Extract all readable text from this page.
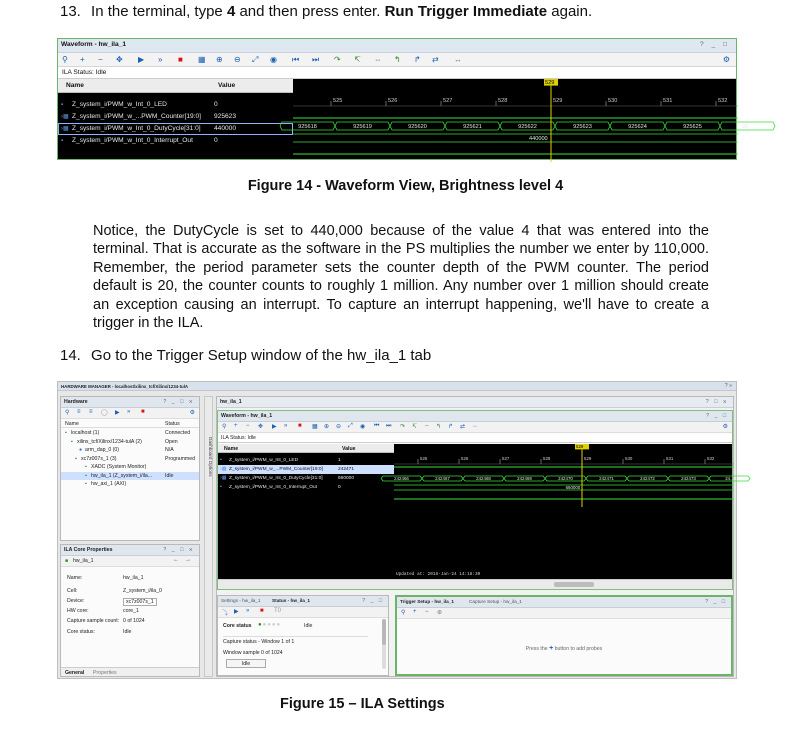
13. In the terminal, type 4 and then press enter. Run Trigger Immediate again.
Waveform - hw_ila_1	? _ □
⚲ + − ✥ ▶ » ■ ▦ ⊕ ⊖ ⤢ ◉ ⏮ ⏭ ↷ ↸ ⇔ ↰ ↱ ⇄ ↔	⚙
ILA Status: Idle
Name	Value
▪ Z_system_i/PWM_w_Int_0_LED	0
›▦ Z_system_i/PWM_w_...PWM_Counter[19:0] 925623
›▦ Z_system_i/PWM_w_Int_0_DutyCycle[31:0] 440000
▪ Z_system_i/PWM_w_Int_0_Interrupt_Out	0
525	526	527	528	529	530	531	532
529
925618	925619	925620	925621	925622	925623	925624	925625	92...
440000
Figure 14 - Waveform View, Brightness level 4
Notice, the DutyCycle is set to 440,000 because of the value 4 that was entered into the terminal. That is accurate as the software in the PS multiplies the number we enter by 110,000. Remember, the period parameter sets the counter depth of the PWM counter. The period default is 20, the counter counts to roughly 1 million. Any number over 1 million should create an exception causing an interrupt. To capture an interrupt happening, we'll have to create a trigger in the ILA.
14. Go to the Trigger Setup window of the hw_ila_1 tab
HARDWARE MANAGER - localhost/xilinx_tcf/Xilinx/1234-tulA	? »
Hardware	? _ □ ⨯
⚲ ≡ ≡ ◯ ▶ » ■	⚙
Name	Status
▪ localhost (1)	Connected
▪ xilinx_tcf/Xilinx/1234-tulA (2)	Open
● arm_dap_0 (0)	N/A
▪ xc7z007s_1 (3)	Programmed
▪ XADC (System Monitor)
▪ hw_ila_1 (Z_system_i/ila... Idle
▪ hw_axi_1 (AXI)
ILA Core Properties	? _ □ ⨯
■ hw_ila_1	← →
Name:	hw_ila_1
Cell:	Z_system_i/ila_0
Device:	xc7z007s_1
HW core:	core_1
Capture sample count: 0 of 1024
Core status:	Idle
General Properties
Dashboard Options
hw_ila_1	? □ ⨯
Waveform - hw_ila_1	? _ □
⚲ + − ✥ ▶ » ■ ▦ ⊕ ⊖ ⤢ ◉ ⏮ ⏭ ↷ ↸ ⇔ ↰ ↱ ⇄ ↔	⚙
ILA Status: Idle
Name	Value
▪ Z_system_i/PWM_w_Int_0_LED	1
›▦ Z_system_i/PWM_w_...PWM_Counter[19:0]	242471
›▦ Z_system_i/PWM_w_Int_0_DutyCycle[31:0]	660000
▪ Z_system_i/PWM_w_Int_0_Interrupt_Out	0
525	526	527	528	529	530	531	532
529
242466	242467	242468	242469	242470	242471	242472	242473	24...
660000
Updated at: 2016-Jan-24 14:18:30
Settings - hw_ila_1 Status - hw_ila_1	? _ □
⤵ ▶ » ■ T0
Core status ●●●●●	Idle
Capture status - Window 1 of 1
Window sample 0 of 1024
Idle
Trigger Setup - hw_ila_1	Capture Setup - hw_ila_1	? _ □
⚲ + − ⊛
Press the + button to add probes
Figure 15 – ILA Settings
